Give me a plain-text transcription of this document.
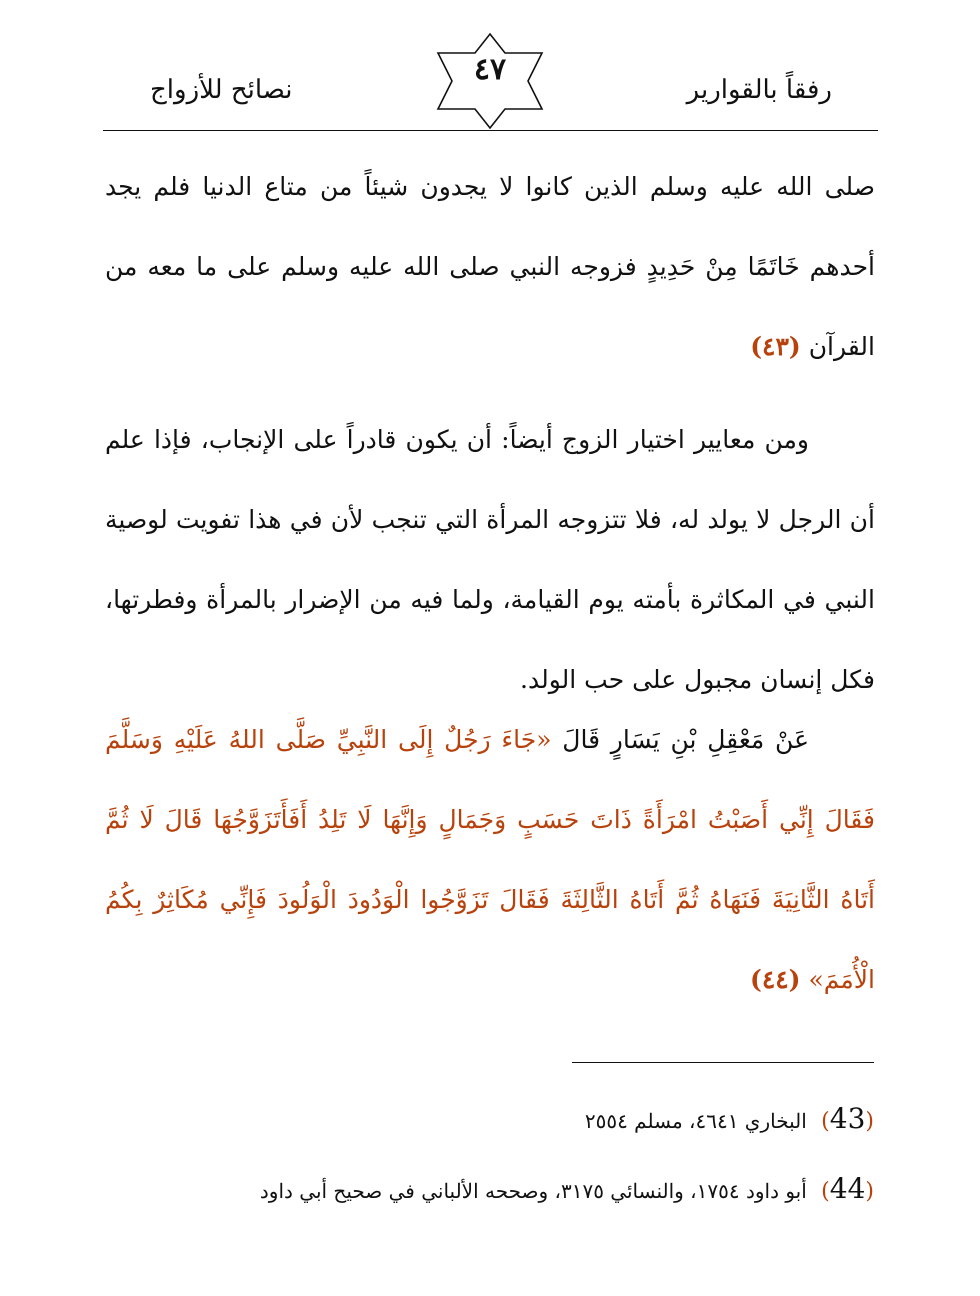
رفقاً بالقوارير
نصائح للأزواج
٤٧

صلى الله عليه وسلم الذين كانوا لا يجدون شيئاً من متاع الدنيا فلم يجد أحدهم خَاتَمًا مِنْ حَدِيدٍ فزوجه النبي صلى الله عليه وسلم على ما معه من القرآن (٤٣)

ومن معايير اختيار الزوج أيضاً: أن يكون قادراً على الإنجاب، فإذا علم أن الرجل لا يولد له، فلا تتزوجه المرأة التي تنجب لأن في هذا تفويت لوصية النبي في المكاثرة بأمته يوم القيامة، ولما فيه من الإضرار بالمرأة وفطرتها، فكل إنسان مجبول على حب الولد.

عَنْ مَعْقِلِ بْنِ يَسَارٍ قَالَ «جَاءَ رَجُلٌ إِلَى النَّبِيِّ صَلَّى اللهُ عَلَيْهِ وَسَلَّمَ فَقَالَ إِنِّي أَصَبْتُ امْرَأَةً ذَاتَ حَسَبٍ وَجَمَالٍ وَإِنَّهَا لَا تَلِدُ أَفَأَتَزَوَّجُهَا قَالَ لَا ثُمَّ أَتَاهُ الثَّانِيَةَ فَنَهَاهُ ثُمَّ أَتَاهُ الثَّالِثَةَ فَقَالَ تَزَوَّجُوا الْوَدُودَ الْوَلُودَ فَإِنِّي مُكَاثِرٌ بِكُمُ الْأُمَمَ» (٤٤)

(43) البخاري ٤٦٤١، مسلم ٢٥٥٤
(44) أبو داود ١٧٥٤، والنسائي ٣١٧٥، وصححه الألباني في صحيح أبي داود
